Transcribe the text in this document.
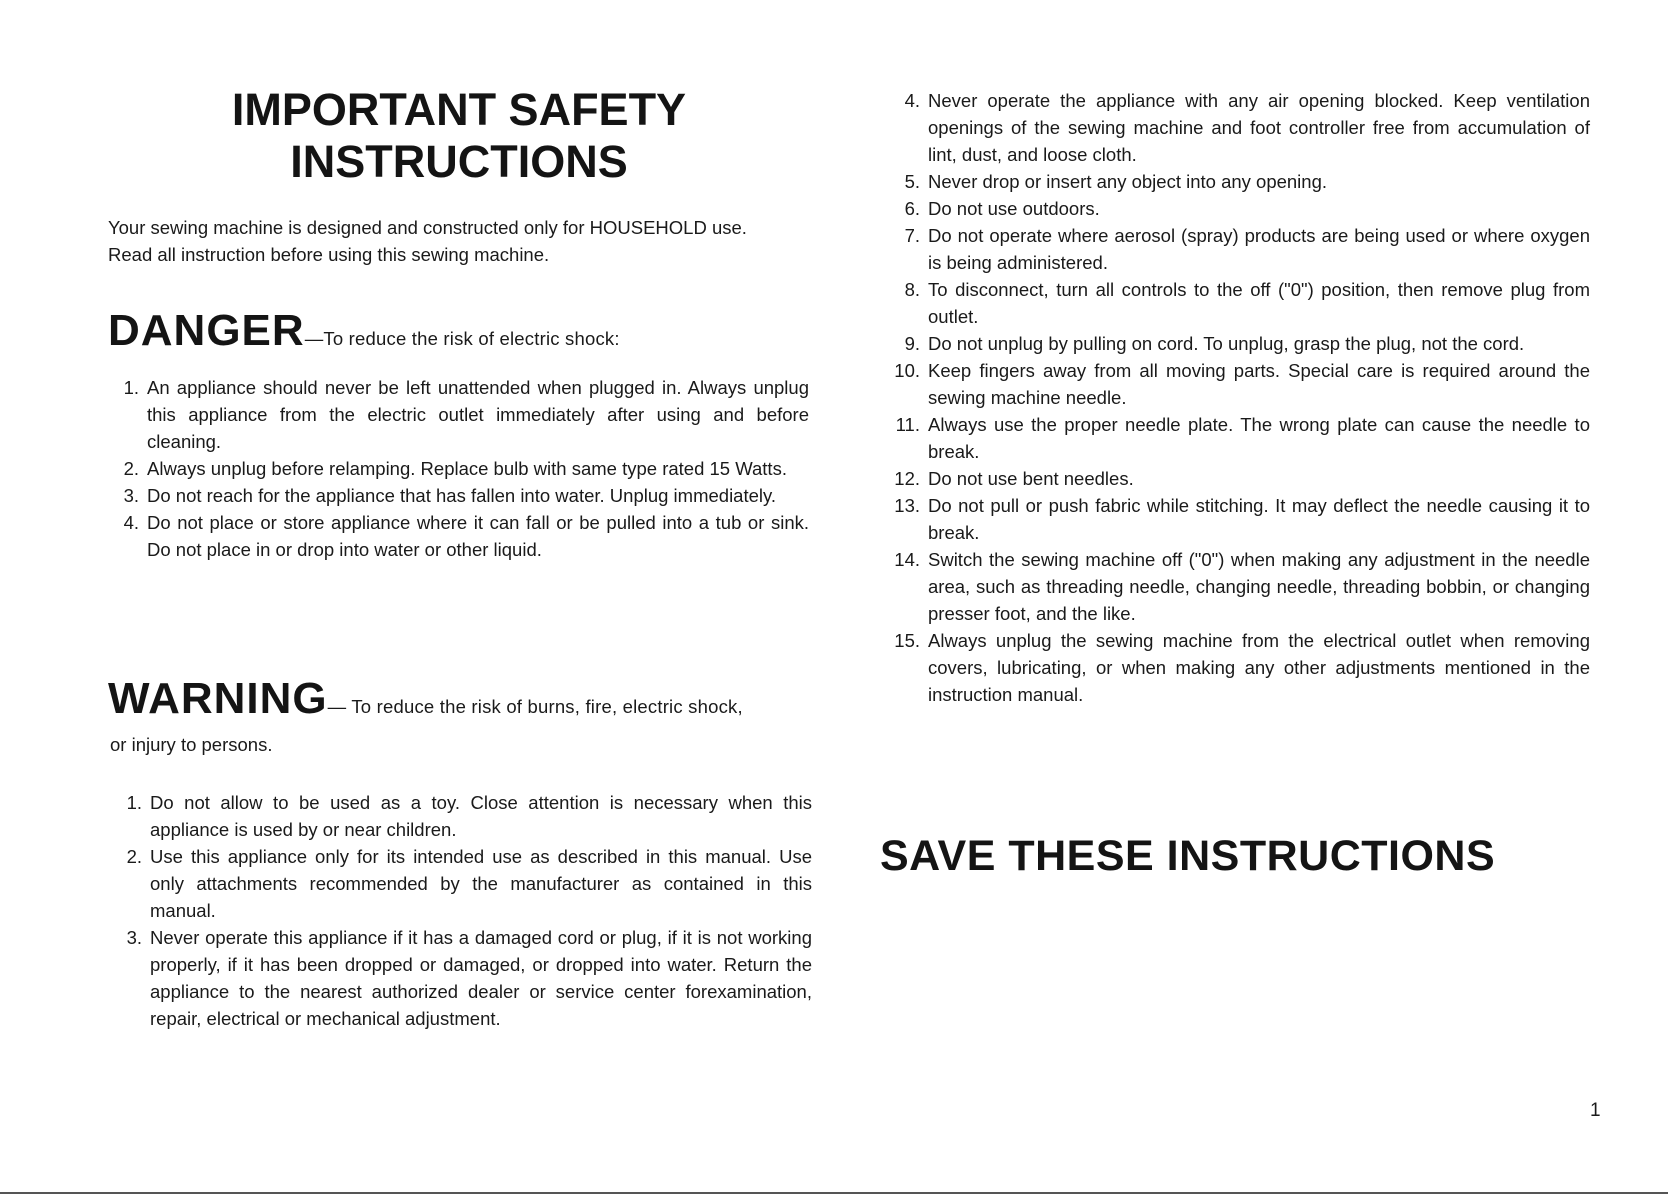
IMPORTANT SAFETY
INSTRUCTIONS

Your sewing machine is designed and constructed only for HOUSEHOLD use.
Read all instruction before using this sewing machine.

DANGER—To reduce the risk of electric shock:
1. An appliance should never be left unattended when plugged in. Always unplug this appliance from the electric outlet immediately after using and before cleaning.
2. Always unplug before relamping. Replace bulb with same type rated 15 Watts.
3. Do not reach for the appliance that has fallen into water. Unplug immediately.
4. Do not place or store appliance where it can fall or be pulled into a tub or sink. Do not place in or drop into water or other liquid.
WARNING— To reduce the risk of burns, fire, electric shock,

or injury to persons.

1. Do not allow to be used as a toy. Close attention is necessary when this appliance is used by or near children.
2. Use this appliance only for its intended use as described in this manual. Use only attachments recommended by the manufacturer as contained in this manual.
3. Never operate this appliance if it has a damaged cord or plug, if it is not working properly, if it has been dropped or damaged, or dropped into water. Return the appliance to the nearest authorized dealer or service center forexamination, repair, electrical or mechanical adjustment.
4. Never operate the appliance with any air opening blocked. Keep ventilation openings of the sewing machine and foot controller free from accumulation of lint, dust, and loose cloth.
5. Never drop or insert any object into any opening.
6. Do not use outdoors.
7. Do not operate where aerosol (spray) products are being used or where oxygen is being administered.
8. To disconnect, turn all controls to the off ("0") position, then remove plug from outlet.
9. Do not unplug by pulling on cord. To unplug, grasp the plug, not the cord.
10. Keep fingers away from all moving parts. Special care is required around the sewing machine needle.
11. Always use the proper needle plate. The wrong plate can cause the needle to break.
12. Do not use bent needles.
13. Do not pull or push fabric while stitching. It may deflect the needle causing it to break.
14. Switch the sewing machine off ("0") when making any adjustment in the needle area, such as threading needle, changing needle, threading bobbin, or changing presser foot, and the like.
15. Always unplug the sewing machine from the electrical outlet when removing covers, lubricating, or when making any other adjustments mentioned in the instruction manual.
SAVE THESE INSTRUCTIONS

1
